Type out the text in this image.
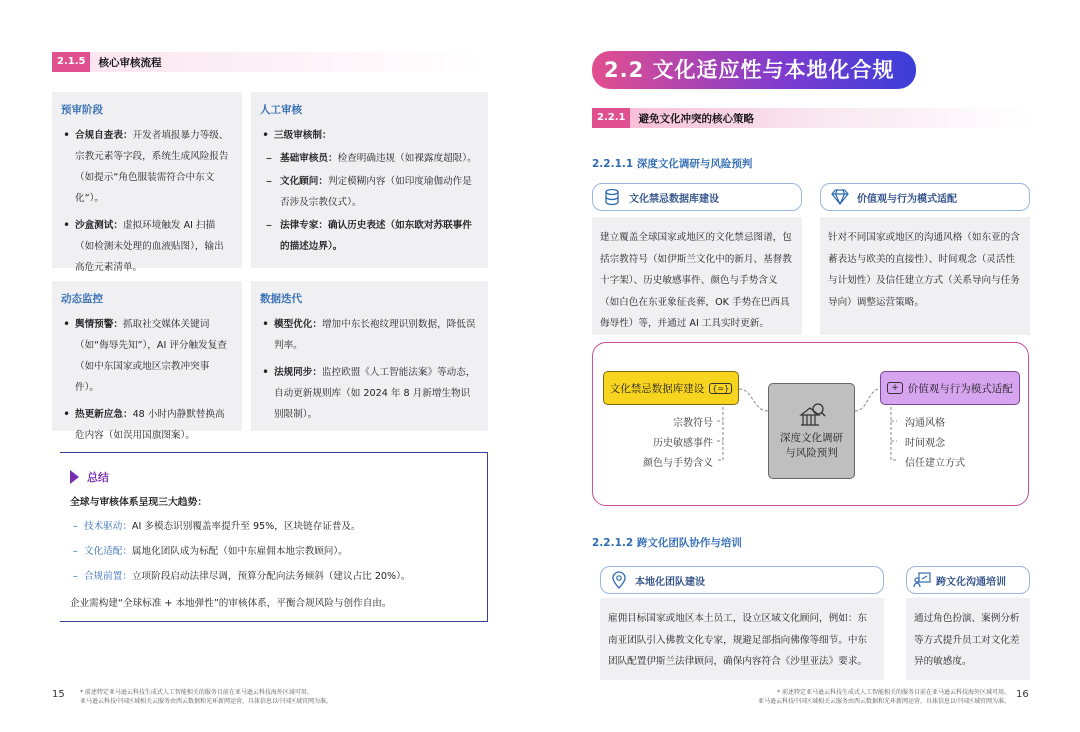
2.1.5	核心审核流程
预审阶段
• 合规自查表：开发者填报暴力等级、宗教元素等字段，系统生成风险报告（如提示“角色服装需符合中东文化”）。
• 沙盒测试：虚拟环境触发 AI 扫描（如检测未处理的血液贴图），输出高危元素清单。
人工审核
• 三级审核制：
– 基础审核员：检查明确违规（如裸露度超限）。
– 文化顾问：判定模糊内容（如印度瑜伽动作是否涉及宗教仪式）。
– 法律专家：确认历史表述（如东欧对苏联事件的描述边界）。
动态监控
• 舆情预警：抓取社交媒体关键词（如“侮辱先知”），AI 评分触发复查（如中东国家或地区宗教冲突事件）。
• 热更新应急：48 小时内静默替换高危内容（如误用国旗图案）。
数据迭代
• 模型优化：增加中东长袍纹理识别数据，降低误判率。
• 法规同步：监控欧盟《人工智能法案》等动态，自动更新规则库（如 2024 年 8 月新增生物识别限制）。
总结
全球与审核体系呈现三大趋势：
–  技术驱动：AI 多模态识别覆盖率提升至 95%，区块链存证普及。
–  文化适配：属地化团队成为标配（如中东雇佣本地宗教顾问）。
–  合规前置：立项阶段启动法律尽调，预算分配向法务倾斜（建议占比 20%）。
企业需构建“全球标准 + 本地弹性”的审核体系，平衡合规风险与创作自由。
15	* 前述特定亚马逊云科技生成式人工智能相关的服务目前在亚马逊云科技海外区域可用。
亚马逊云科技中国区域相关云服务由西云数据和光环新网运营，具体信息以中国区域官网为准。
2.2 文化适应性与本地化合规
2.2.1	避免文化冲突的核心策略
2.2.1.1 深度文化调研与风险预判
文化禁忌数据库建设
建立覆盖全球国家或地区的文化禁忌图谱，包括宗教符号（如伊斯兰文化中的新月、基督教十字架）、历史敏感事件、颜色与手势含义（如白色在东亚象征丧葬，OK 手势在巴西具侮辱性）等，并通过 AI 工具实时更新。
价值观与行为模式适配
针对不同国家或地区的沟通风格（如东亚的含蓄表达与欧美的直接性）、时间观念（灵活性与计划性）及信任建立方式（关系导向与任务导向）调整运营策略。
文化禁忌数据库建设	{=}	+ 价值观与行为模式适配
深度文化调研与风险预判
宗教符号
历史敏感事件
颜色与手势含义
沟通风格
时间观念
信任建立方式
2.2.1.2 跨文化团队协作与培训
本地化团队建设
雇佣目标国家或地区本土员工，设立区域文化顾问，例如：东南亚团队引入佛教文化专家，规避足部指向佛像等细节。中东团队配置伊斯兰法律顾问，确保内容符合《沙里亚法》要求。
跨文化沟通培训
通过角色扮演、案例分析等方式提升员工对文化差异的敏感度。
* 前述特定亚马逊云科技生成式人工智能相关的服务目前在亚马逊云科技海外区域可用。
亚马逊云科技中国区域相关云服务由西云数据和光环新网运营，具体信息以中国区域官网为准。
16
